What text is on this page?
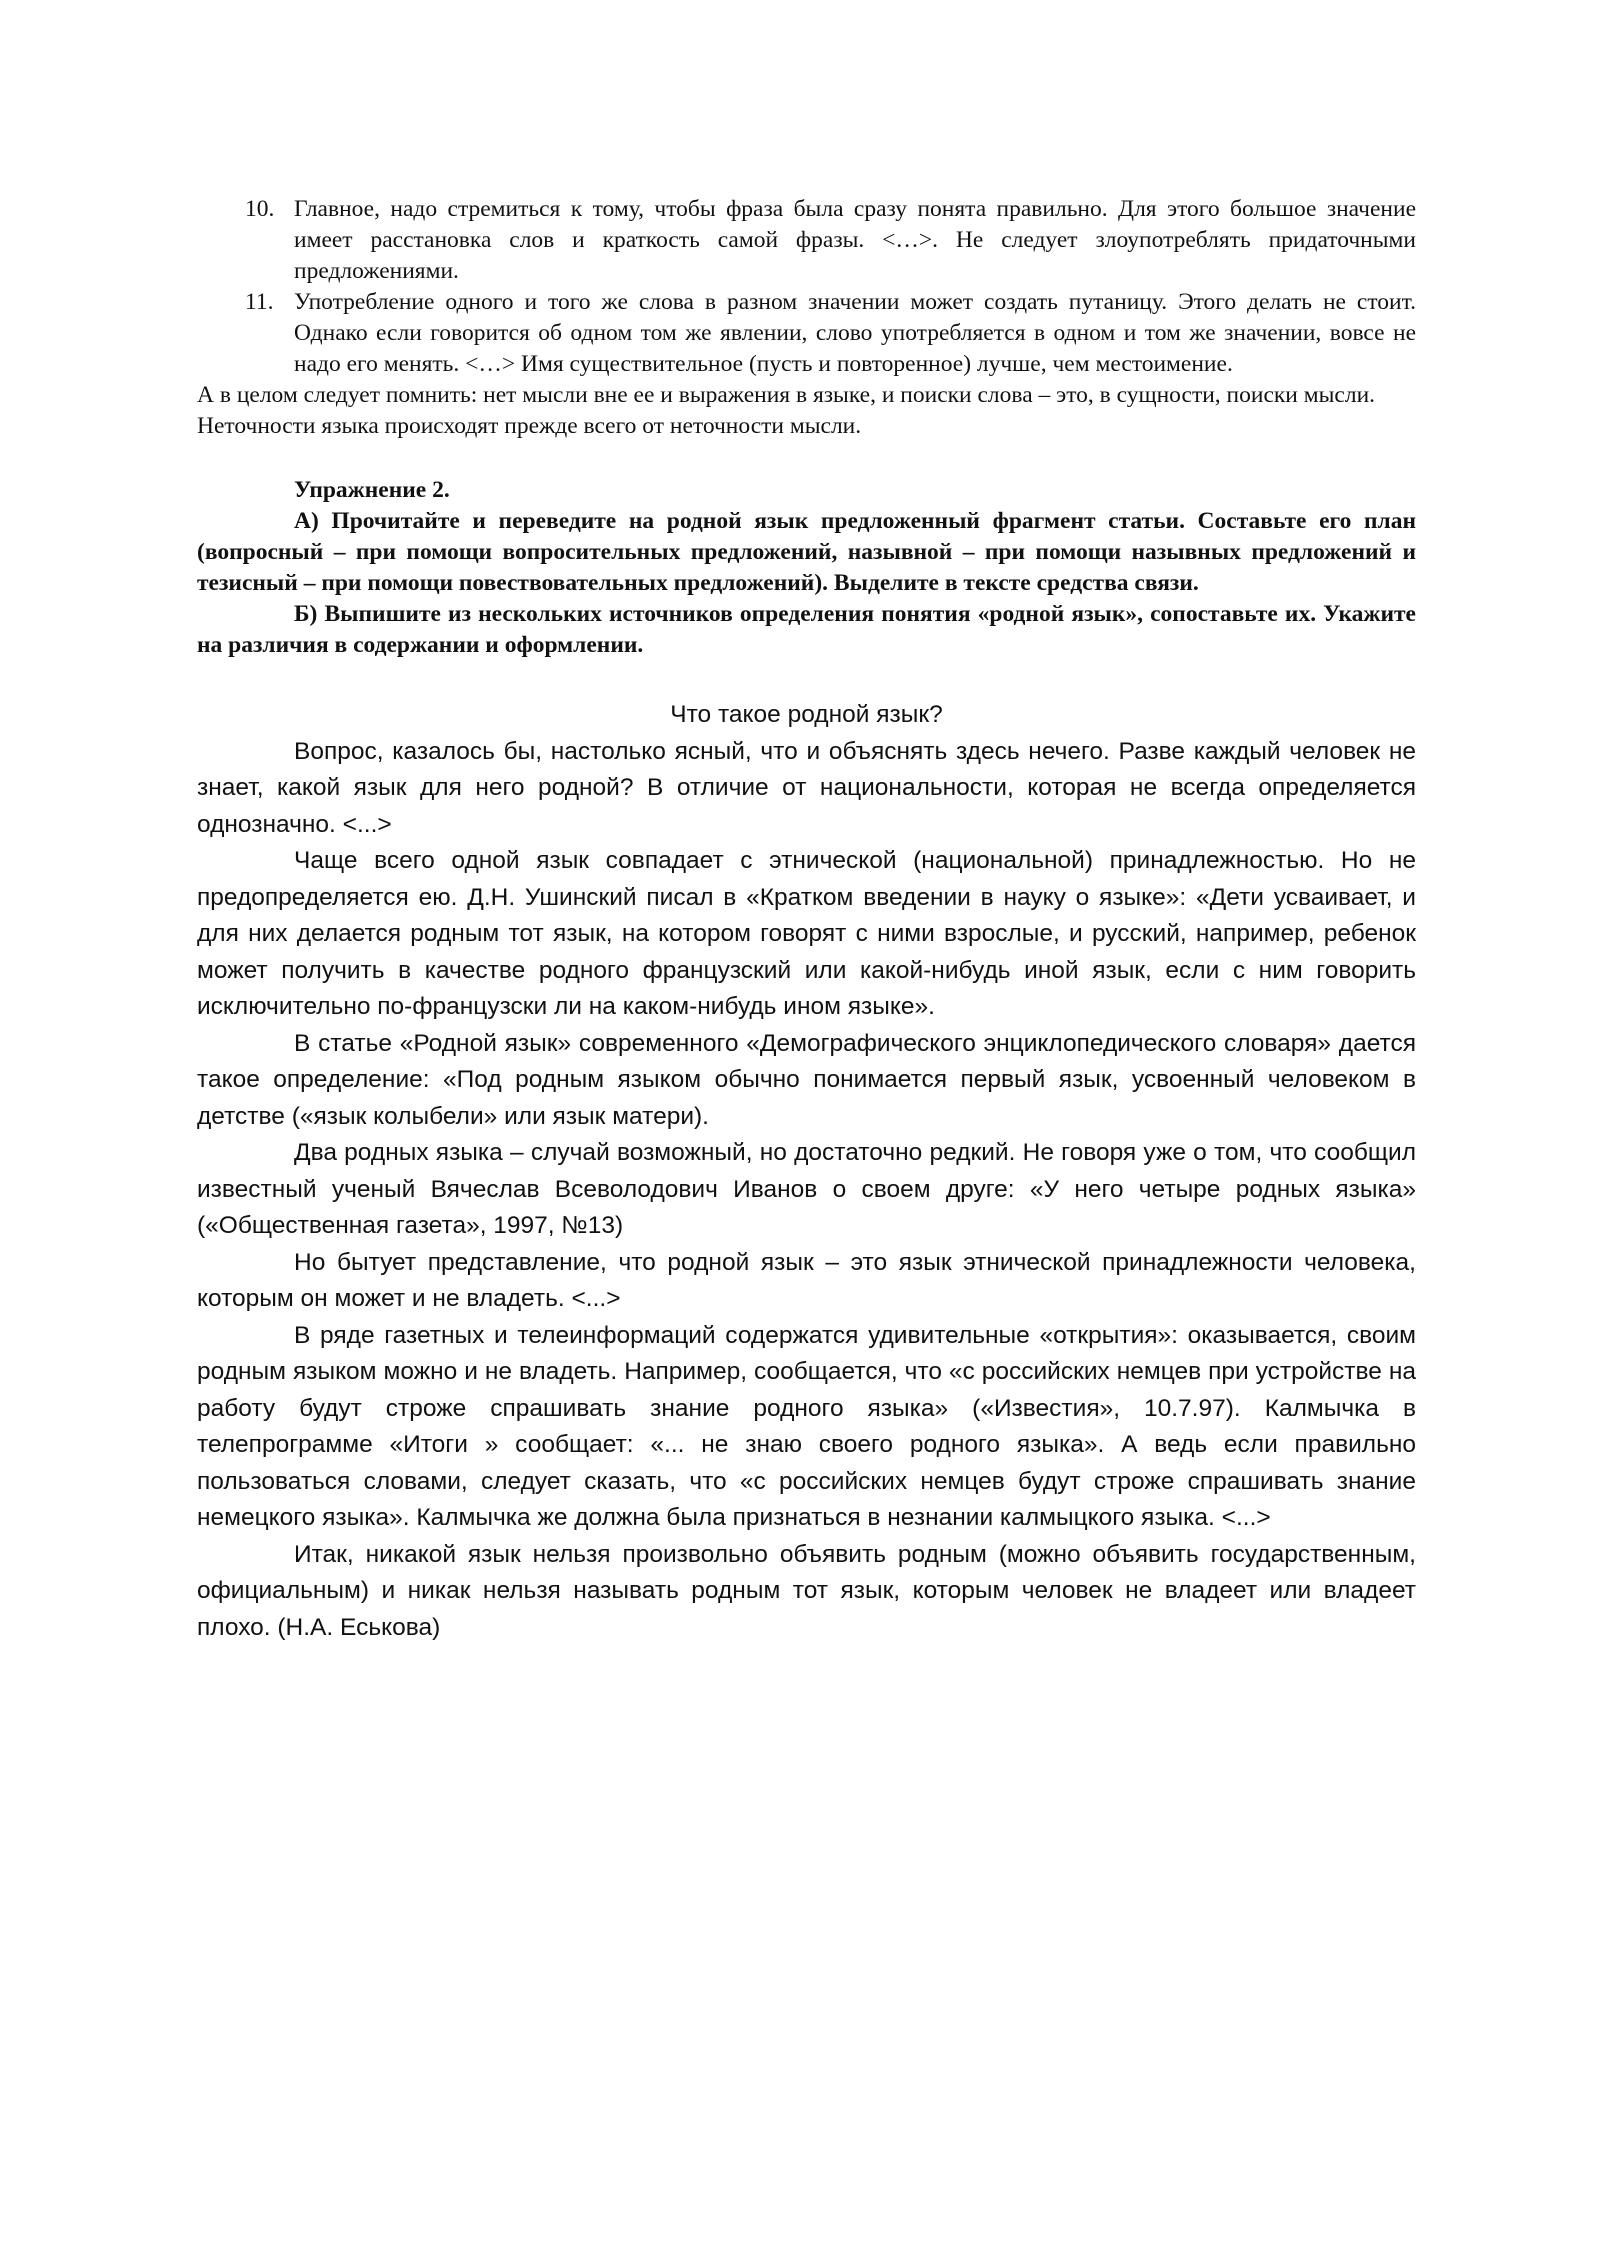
10. Главное, надо стремиться к тому, чтобы фраза была сразу понята правильно. Для этого большое значение имеет расстановка слов и краткость самой фразы. <…>. Не следует злоупотреблять придаточными предложениями.
11. Употребление одного и того же слова в разном значении может создать путаницу. Этого делать не стоит. Однако если говорится об одном том же явлении, слово употребляется в одном и том же значении, вовсе не надо его менять. <…> Имя существительное (пусть и повторенное) лучше, чем местоимение.

А в целом следует помнить: нет мысли вне ее и выражения в языке, и поиски слова – это, в сущности, поиски мысли. Неточности языка происходят прежде всего от неточности мысли.

Упражнение 2.

А) Прочитайте и переведите на родной язык предложенный фрагмент статьи. Составьте его план (вопросный – при помощи вопросительных предложений, назывной – при помощи назывных предложений и тезисный – при помощи повествовательных предложений). Выделите в тексте средства связи.

Б) Выпишите из нескольких источников определения понятия «родной язык», сопоставьте их. Укажите на различия в содержании и оформлении.

Что такое родной язык?

Вопрос, казалось бы, настолько ясный, что и объяснять здесь нечего. Разве каждый человек не знает, какой язык для него родной? В отличие от национальности, которая не всегда определяется однозначно. <...>

Чаще всего одной язык совпадает с этнической (национальной) принадлежностью. Но не предопределяется ею. Д.Н. Ушинский писал в «Кратком введении в науку о языке»: «Дети усваивает, и для них делается родным тот язык, на котором говорят с ними взрослые, и русский, например, ребенок может получить в качестве родного французский или какой-нибудь иной язык, если с ним говорить исключительно по-французски ли на каком-нибудь ином языке».

В статье «Родной язык» современного «Демографического энциклопедического словаря» дается такое определение: «Под родным языком обычно понимается первый язык, усвоенный человеком в детстве («язык колыбели» или язык матери).

Два родных языка – случай возможный, но достаточно редкий. Не говоря уже о том, что сообщил известный ученый Вячеслав Всеволодович Иванов о своем друге: «У него четыре родных языка» («Общественная газета», 1997, №13)

Но бытует представление, что родной язык – это язык этнической принадлежности человека, которым он может и не владеть. <...>

В ряде газетных и телеинформаций содержатся удивительные «открытия»: оказывается, своим родным языком можно и не владеть. Например, сообщается, что «с российских немцев при устройстве на работу будут строже спрашивать знание родного языка» («Известия», 10.7.97). Калмычка в телепрограмме «Итоги » сообщает: «... не знаю своего родного языка». А ведь если правильно пользоваться словами, следует сказать, что «с российских немцев будут строже спрашивать знание немецкого языка». Калмычка же должна была признаться в незнании калмыцкого языка. <...>

Итак, никакой язык нельзя произвольно объявить родным (можно объявить государственным, официальным) и никак нельзя называть родным тот язык, которым человек не владеет или владеет плохо. (Н.А. Еськова)
